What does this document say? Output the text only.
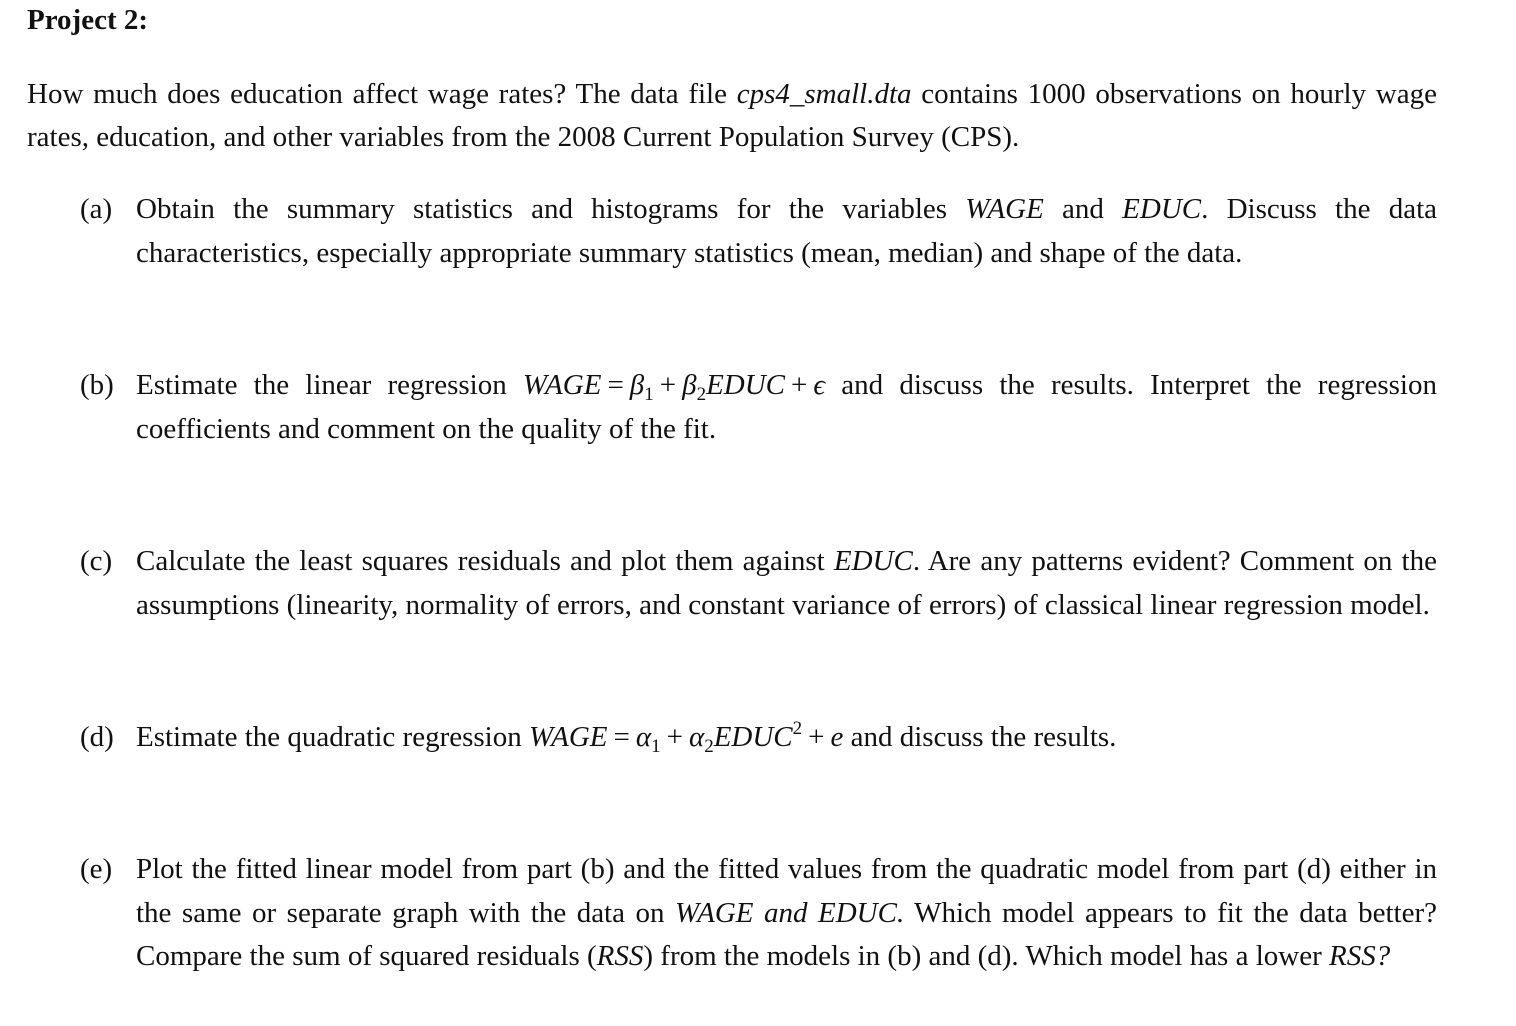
Project 2:

How much does education affect wage rates? The data file cps4_small.dta contains 1000 observations on hourly wage rates, education, and other variables from the 2008 Current Population Survey (CPS).

(a) Obtain the summary statistics and histograms for the variables WAGE and EDUC. Discuss the data characteristics, especially appropriate summary statistics (mean, median) and shape of the data.
(b) Estimate the linear regression WAGE = $\beta_1$ + $\beta_2EDUC + \epsilon$ and discuss the results. Interpret the regression coefficients and comment on the quality of the fit.
(c) Calculate the least squares residuals and plot them against EDUC. Are any patterns evident? Comment on the assumptions (linearity, normality of errors, and constant variance of errors) of classical linear regression model.
(d) Estimate the quadratic regression WAGE = $\alpha_1$ + $\alpha_2EDUC^2 + e$ and discuss the results.
(e) Plot the fitted linear model from part (b) and the fitted values from the quadratic model from part (d) either in the same or separate graph with the data on WAGE and EDUC. Which model appears to fit the data better? Compare the sum of squared residuals (RSS) from the models in (b) and (d). Which model has a lower RSS?
